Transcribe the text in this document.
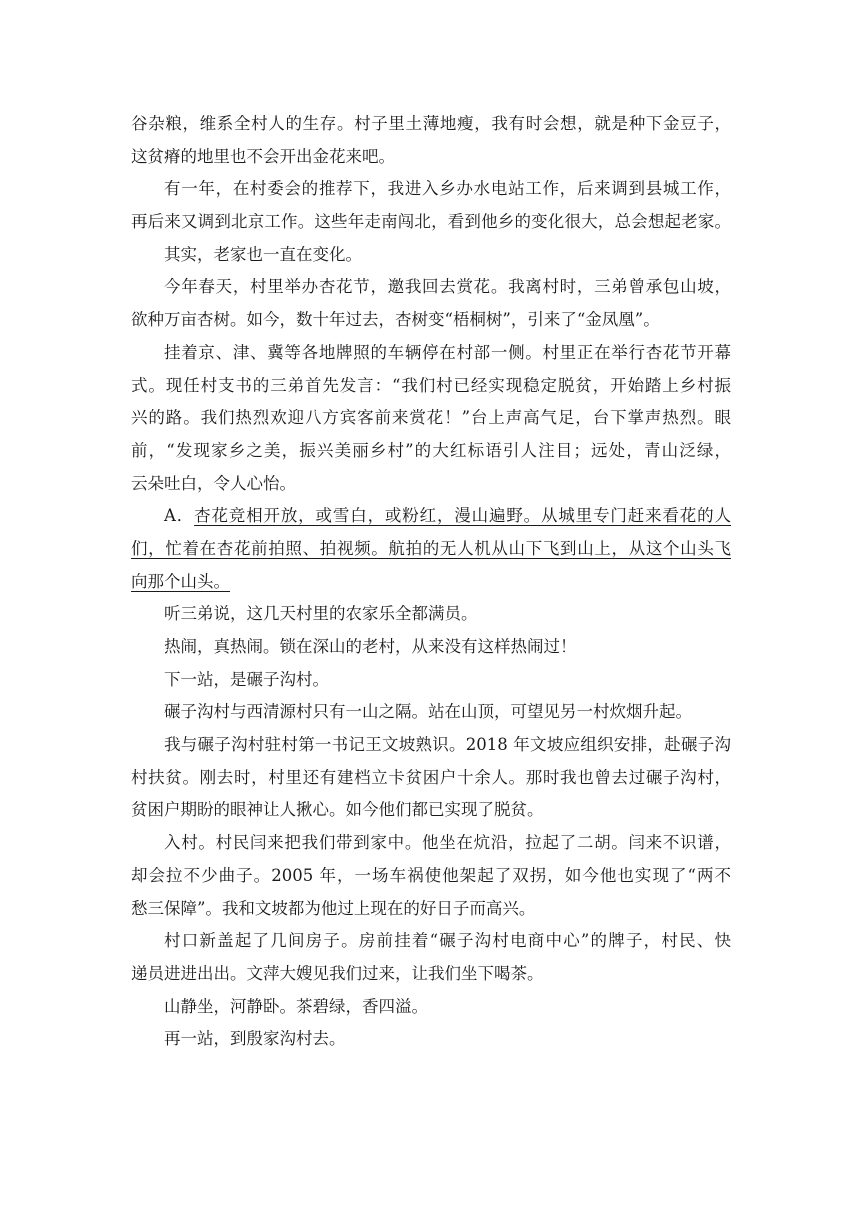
谷杂粮，维系全村人的生存。村子里土薄地瘦，我有时会想，就是种下金豆子，
这贫瘠的地里也不会开出金花来吧。
有一年，在村委会的推荐下，我进入乡办水电站工作，后来调到县城工作，
再后来又调到北京工作。这些年走南闯北，看到他乡的变化很大，总会想起老家。
其实，老家也一直在变化。
今年春天，村里举办杏花节，邀我回去赏花。我离村时，三弟曾承包山坡，
欲种万亩杏树。如今，数十年过去，杏树变“梧桐树”，引来了“金凤凰”。
挂着京、津、冀等各地牌照的车辆停在村部一侧。村里正在举行杏花节开幕
式。现任村支书的三弟首先发言：“我们村已经实现稳定脱贫，开始踏上乡村振
兴的路。我们热烈欢迎八方宾客前来赏花！”台上声高气足，台下掌声热烈。眼
前，“发现家乡之美，振兴美丽乡村”的大红标语引人注目；远处，青山泛绿，
云朵吐白，令人心怡。
A．杏花竞相开放，或雪白，或粉红，漫山遍野。从城里专门赶来看花的人
们，忙着在杏花前拍照、拍视频。航拍的无人机从山下飞到山上，从这个山头飞
向那个山头。
听三弟说，这几天村里的农家乐全都满员。
热闹，真热闹。锁在深山的老村，从来没有这样热闹过！
下一站，是碾子沟村。
碾子沟村与西清源村只有一山之隔。站在山顶，可望见另一村炊烟升起。
我与碾子沟村驻村第一书记王文坡熟识。2018 年文坡应组织安排，赴碾子沟
村扶贫。刚去时，村里还有建档立卡贫困户十余人。那时我也曾去过碾子沟村，
贫困户期盼的眼神让人揪心。如今他们都已实现了脱贫。
入村。村民闫来把我们带到家中。他坐在炕沿，拉起了二胡。闫来不识谱，
却会拉不少曲子。2005 年，一场车祸使他架起了双拐，如今他也实现了“两不
愁三保障”。我和文坡都为他过上现在的好日子而高兴。
村口新盖起了几间房子。房前挂着“碾子沟村电商中心”的牌子，村民、快
递员进进出出。文萍大嫂见我们过来，让我们坐下喝茶。
山静坐，河静卧。茶碧绿，香四溢。
再一站，到殷家沟村去。
